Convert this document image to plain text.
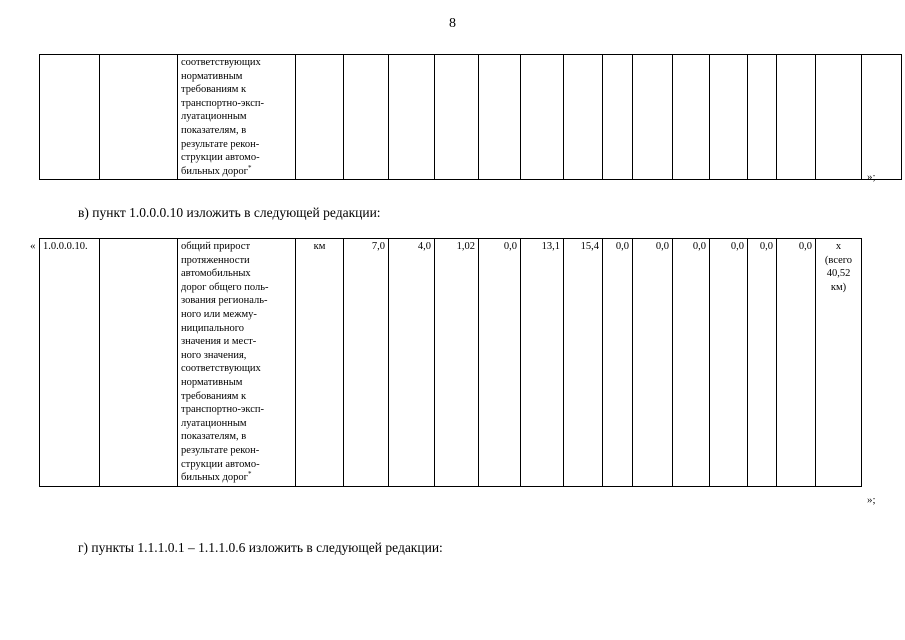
8

соответствующих
нормативным
требованиям к
транспортно-эксп-
луатационным
показателям, в
результате рекон-
струкции автомо-
бильных дорог*

»;
в) пункт 1.0.0.0.10 изложить в следующей редакции:
« 1.0.0.0.10.		общий прирост
протяженности
автомобильных
дорог общего поль-
зования региональ-
ного или межму-
ниципального
значения и мест-
ного значения,
соответствующих
нормативным
требованиям к
транспортно-эксп-
луатационным
показателям, в
результате рекон-
струкции автомо-
бильных дорог*
	км	7,0	4,0	1,02	0,0	13,1	15,4	0,0	0,0	0,0	0,0	0,0	0,0	х
(всего
40,52
км)
»;
г) пункты 1.1.1.0.1 – 1.1.1.0.6 изложить в следующей редакции:
